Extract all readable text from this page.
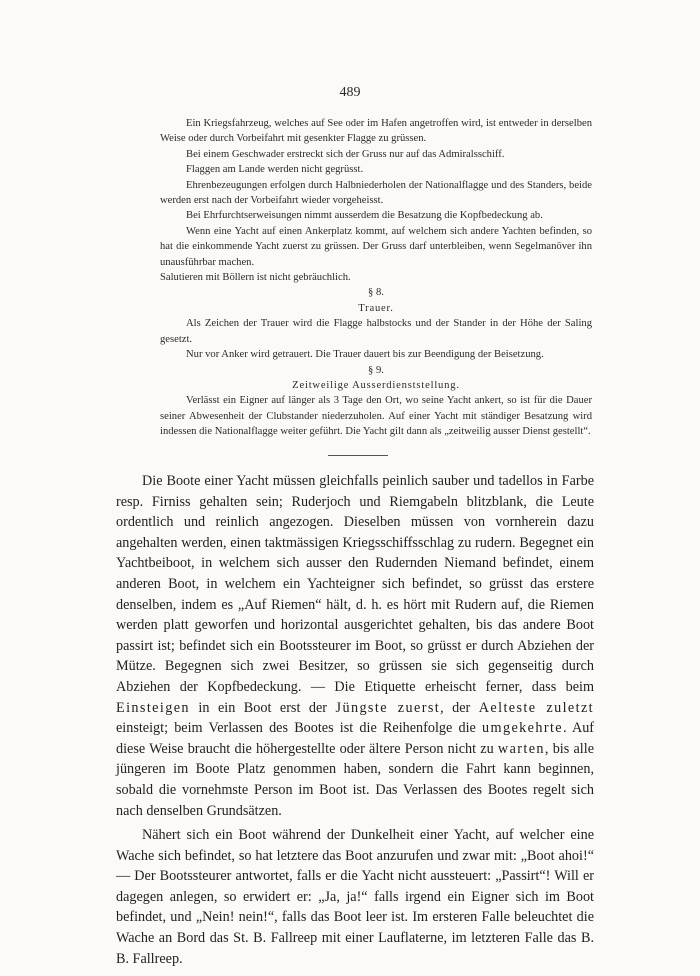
489

Ein Kriegsfahrzeug, welches auf See oder im Hafen angetroffen wird, ist entweder in derselben Weise oder durch Vorbeifahrt mit gesenkter Flagge zu grüssen.

Bei einem Geschwader erstreckt sich der Gruss nur auf das Admiralsschiff.

Flaggen am Lande werden nicht gegrüsst.

Ehrenbezeugungen erfolgen durch Halbniederholen der Nationalflagge und des Standers, beide werden erst nach der Vorbeifahrt wieder vorgeheisst.

Bei Ehrfurchtserweisungen nimmt ausserdem die Besatzung die Kopfbedeckung ab.

Wenn eine Yacht auf einen Ankerplatz kommt, auf welchem sich andere Yachten befinden, so hat die einkommende Yacht zuerst zu grüssen. Der Gruss darf unterbleiben, wenn Segelmanöver ihn unausführbar machen.

Salutieren mit Böllern ist nicht gebräuchlich.

§ 8.

Trauer.

Als Zeichen der Trauer wird die Flagge halbstocks und der Stander in der Höhe der Saling gesetzt.

Nur vor Anker wird getrauert. Die Trauer dauert bis zur Beendigung der Beisetzung.

§ 9.

Zeitweilige Ausserdienststellung.

Verlässt ein Eigner auf länger als 3 Tage den Ort, wo seine Yacht ankert, so ist für die Dauer seiner Abwesenheit der Clubstander niederzuholen. Auf einer Yacht mit ständiger Besatzung wird indessen die Nationalflagge weiter geführt. Die Yacht gilt dann als „zeitweilig ausser Dienst gestellt“.

Die Boote einer Yacht müssen gleichfalls peinlich sauber und tadellos in Farbe resp. Firniss gehalten sein; Ruderjoch und Riemgabeln blitzblank, die Leute ordentlich und reinlich angezogen. Dieselben müssen von vornherein dazu angehalten werden, einen taktmässigen Kriegsschiffsschlag zu rudern. Begegnet ein Yachtbeiboot, in welchem sich ausser den Rudernden Niemand befindet, einem anderen Boot, in welchem ein Yachteigner sich befindet, so grüsst das erstere denselben, indem es „Auf Riemen“ hält, d. h. es hört mit Rudern auf, die Riemen werden platt geworfen und horizontal ausgerichtet gehalten, bis das andere Boot passirt ist; befindet sich ein Bootssteurer im Boot, so grüsst er durch Abziehen der Mütze. Begegnen sich zwei Besitzer, so grüssen sie sich gegenseitig durch Abziehen der Kopfbedeckung. — Die Etiquette erheischt ferner, dass beim Einsteigen in ein Boot erst der Jüngste zuerst, der Aelteste zuletzt einsteigt; beim Verlassen des Bootes ist die Reihenfolge die umgekehrte. Auf diese Weise braucht die höhergestellte oder ältere Person nicht zu warten, bis alle jüngeren im Boote Platz genommen haben, sondern die Fahrt kann beginnen, sobald die vornehmste Person im Boot ist. Das Verlassen des Bootes regelt sich nach denselben Grundsätzen.

Nähert sich ein Boot während der Dunkelheit einer Yacht, auf welcher eine Wache sich befindet, so hat letztere das Boot anzurufen und zwar mit: „Boot ahoi!“ — Der Bootssteurer antwortet, falls er die Yacht nicht aussteuert: „Passirt“! Will er dagegen anlegen, so erwidert er: „Ja, ja!“ falls irgend ein Eigner sich im Boot befindet, und „Nein! nein!“, falls das Boot leer ist. Im ersteren Falle beleuchtet die Wache an Bord das St. B. Fallreep mit einer Lauflaterne, im letzteren Falle das B. B. Fallreep.
